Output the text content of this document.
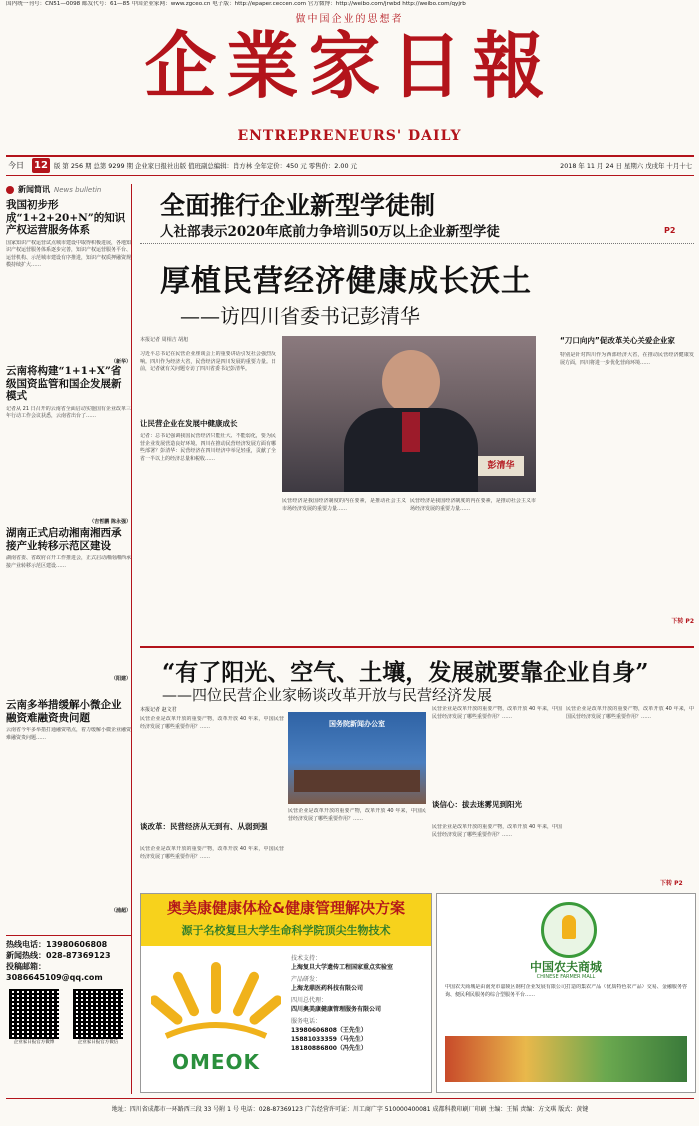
国内统一刊号：CN51—0098 邮发代号：61—85 中国企业家网：www.zgceo.cn 电子版：http://epaper.ceccen.com 官方微博：http://weibo.com/jrwbd http://weibo.com/qyjrb
做中国企业的思想者
企業家日報
ENTREPRENEURS' DAILY
今日 12 版 第 256 期 总第 9299 期 企业家日报社出版 值班副总编辑：肖方林 全年定价：450 元 零售价：2.00 元	2018 年 11 月 24 日 星期六 戊戌年 十月十七
新闻简讯 News bulletin
我国初步形成“1+2+20+N”的知识产权运营服务体系
国家知识产权运营试点城市建设中取得积极进展，各地知识产权运营服务体系逐步完善，知识产权运营服务平台、运营机构、示范城市建设有序推进，知识产权质押融资规模持续扩大……
（新华）
云南将构建“1+1+X”省级国资监管和国企发展新模式
记者从 21 日召开的云南省全面启动实施国有企业改革三年行动工作会议获悉，云南省出台了……
（吉哲鹏 陈永强）
湖南正式启动湘南湘西承接产业转移示范区建设
湖南省委、省政府召开工作推进会，正式启动湘南湘西承接产业转移示范区建设……
（阳建）
云南多举措缓解小微企业融资难融资贵问题
云南省今年多举措打通融资堵点，着力缓解小微企业融资难融资贵问题……
（浦超）
热线电话：13980606808
新闻热线：028-87369123
投稿邮箱：3086645109@qq.com
企业家日报官方微博	企业家日报官方微信
全面推行企业新型学徒制
人社部表示2020年底前力争培训50万以上企业新型学徒	P2
厚植民营经济健康成长沃土
——访四川省委书记彭清华
本报记者 周相吉 胡旭
习近平总书记在民营企业座谈会上的重要讲话引发社会强烈反响。四川作为经济大省，民营经济是四川发展的重要力量。日前，记者就有关问题专访了四川省委书记彭清华。
让民营企业在发展中健康成长
记者：总书记强调我国民营经济只能壮大、不能弱化，要为民营企业发展营造良好环境。四川在推动民营经济发展方面有哪些部署？彭清华：民营经济在四川经济中举足轻重，贡献了全省一半以上的经济总量和税收……
彭清华
民营经济是我国经济制度的内在要素，是推动社会主义市场经济发展的重要力量……
民营经济是我国经济制度的内在要素，是推动社会主义市场经济发展的重要力量……
“刀口向内”促改革关心关爱企业家
特别是针对四川作为西部经济大省，在推动民营经济健康发展方面，四川将进一步优化营商环境……
下转 P2
“有了阳光、空气、土壤，发展就要靠企业自身”
——四位民营企业家畅谈改革开放与民营经济发展
本报记者 赵文君
民营企业是改革开放的重要产物，改革开放 40 年来，中国民营经济发展了哪些重要作用？……
谈改革：民营经济从无到有、从弱到强
民营企业是改革开放的重要产物，改革开放 40 年来，中国民营经济发展了哪些重要作用？……
国务院新闻办公室
民营企业是改革开放的重要产物，改革开放 40 年来，中国民营经济发展了哪些重要作用？……
民营企业是改革开放的重要产物，改革开放 40 年来，中国民营经济发展了哪些重要作用？……
谈信心：拔去迷雾见到阳光
民营企业是改革开放的重要产物，改革开放 40 年来，中国民营经济发展了哪些重要作用？……
民营企业是改革开放的重要产物，改革开放 40 年来，中国民营经济发展了哪些重要作用？……
下转 P2
奥美康健康体检&健康管理解决方案
源于名校复旦大学生命科学院顶尖生物技术
OMEOK
技术支持：
上海复旦大学遗传工程国家重点实验室
产品研发：
上海龙鼎医药科技有限公司
四川总代理：
四川奥美康健康管理服务有限公司
服务电话：
13980606808（王先生）
15881033359（马先生）
18180886800（冯先生）
中国农夫商城
CHINESE FARMER MALL
中国农夫商城是由南充市嘉陵区钢村企业发展有限公司打造的集农产品（优质特色农产品）交易、金融服务咨询、便民利民服务的综合型服务平台……
地址：四川省成都市一环路西三段 33 号附 1 号 电话：028-87369123 广告经营许可证：川工商广字 510000400081 成都科教印刷厂印刷 主编：王韬 责编：方文琪 版式：黄键
